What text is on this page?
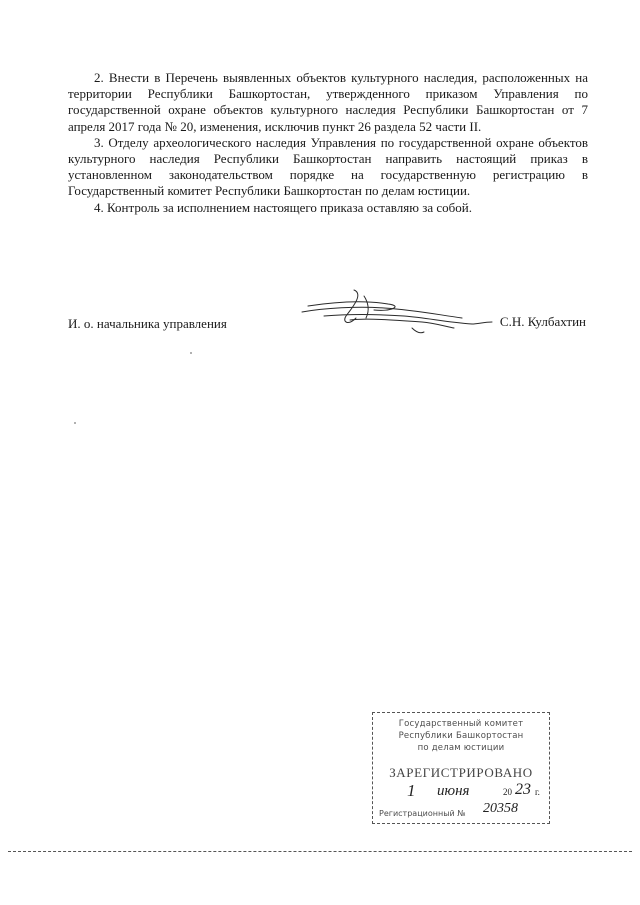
2. Внести в Перечень выявленных объектов культурного наследия, расположенных на территории Республики Башкортостан, утвержденного приказом Управления по государственной охране объектов культурного наследия Республики Башкортостан от 7 апреля 2017 года № 20, изменения, исключив пункт 26 раздела 52 части II.

3. Отделу археологического наследия Управления по государственной охране объектов культурного наследия Республики Башкортостан направить настоящий приказ в установленном законодательством порядке на государственную регистрацию в Государственный комитет Республики Башкортостан по делам юстиции.

4. Контроль за исполнением настоящего приказа оставляю за собой.

И. о. начальника управления	С.Н. Кулбахтин
Государственный комитет
Республики Башкортостан
по делам юстиции
ЗАРЕГИСТРИРОВАНО
1 июня	20 23 г.
Регистрационный № 20358
